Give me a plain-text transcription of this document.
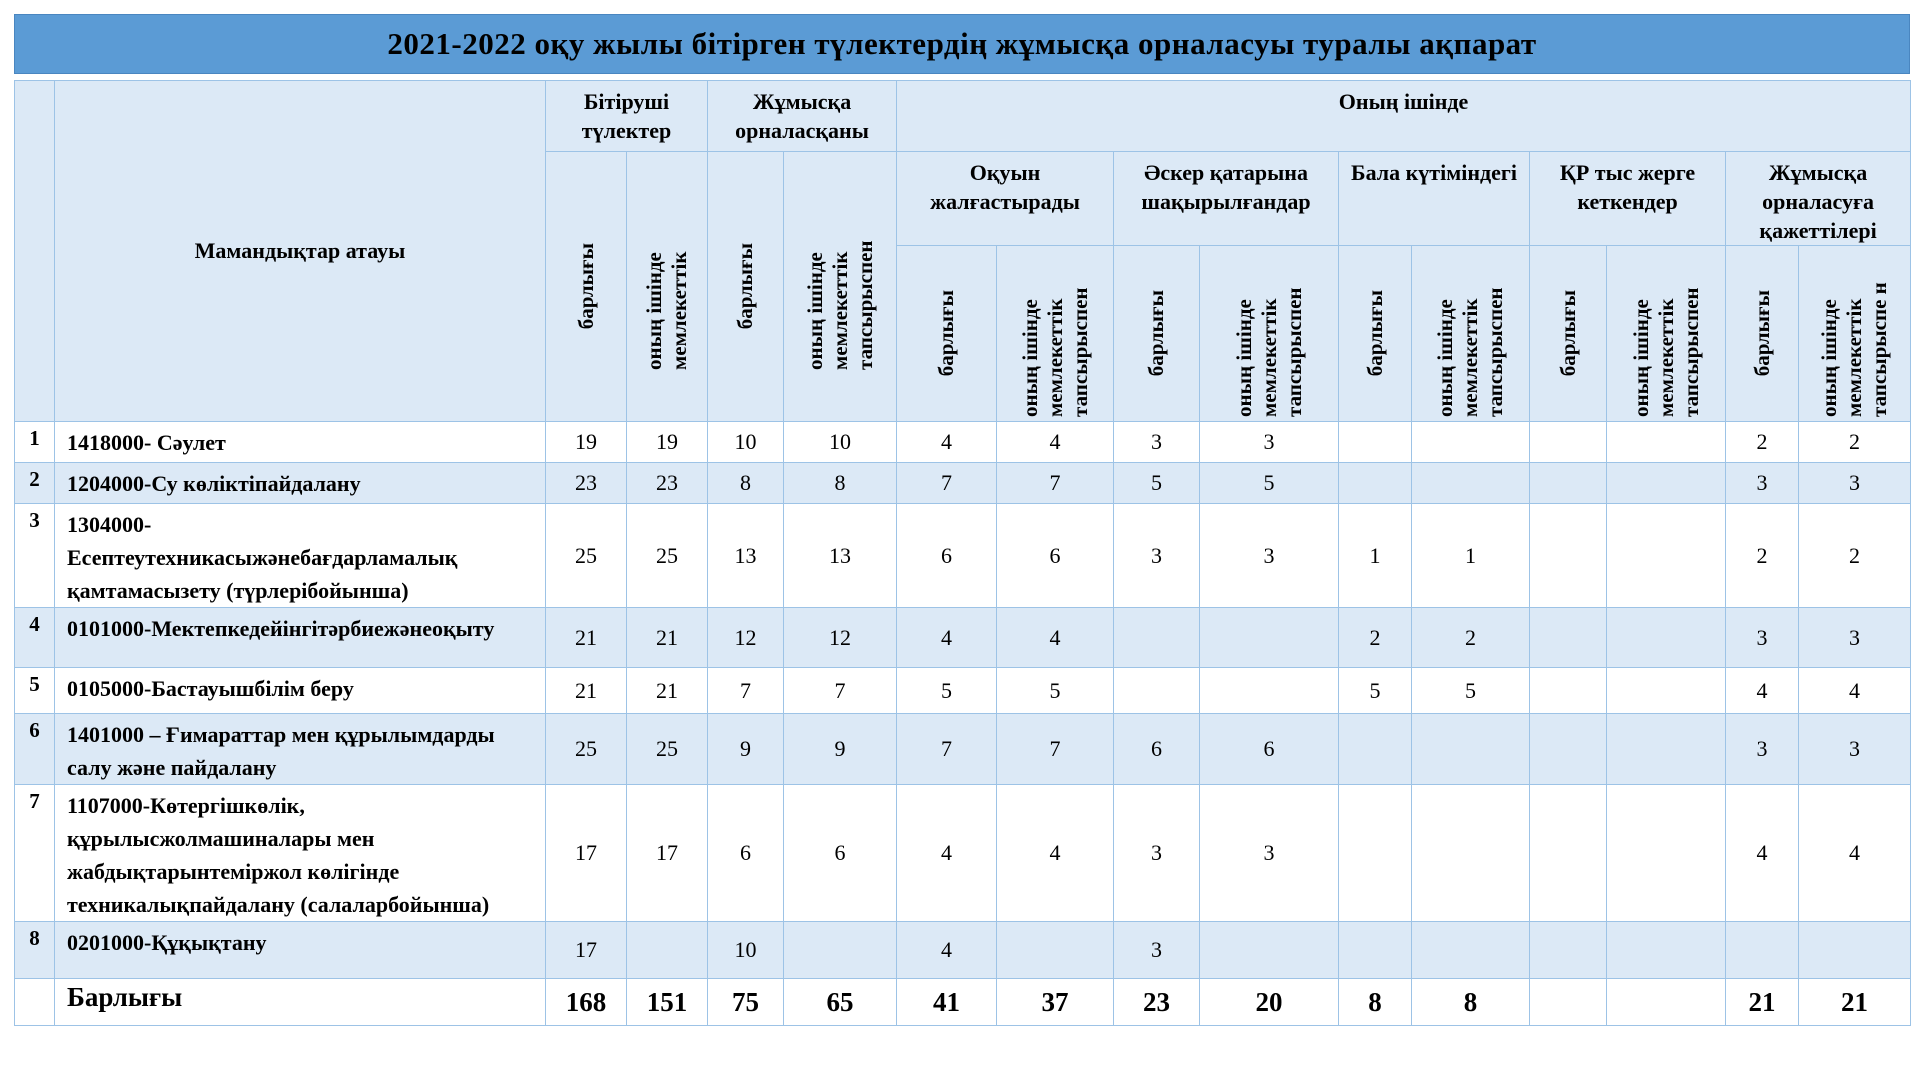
2021-2022 оқу жылы бітірген түлектердің жұмысқа орналасуы туралы ақпарат
	Мамандықтар атауы	Бітіруші түлектер		Жұмысқа орналасқаны		Оның ішінде									

		барлығы	оның ішінде мемлекеттік	барлығы	оның ішінде мемлекеттік тапсырыспен	Оқуын жалғастырады		Әскер қатарына шақырылғандар		Бала күтіміндегі		ҚР тыс жерге кеткендер		Жұмысқа орналасуға қажеттілері	

						барлығы	оның ішінде мемлекеттік тапсырыспен	барлығы	оның ішінде мемлекеттік тапсырыспен	барлығы	оның ішінде мемлекеттік тапсырыспен	барлығы	оның ішінде мемлекеттік тапсырыспен	барлығы	оның ішінде мемлекеттік тапсырыспе н

1	1418000- Сәулет	19	19	10	10	4	4	3	3					2	2
2	1204000-Су көліктіпайдалану	23	23	8	8	7	7	5	5					3	3
3	1304000-Есептеутехникасыжәнебағдарламалық қамтамасызету (түрлерібойынша)	25	25	13	13	6	6	3	3	1	1			2	2
4	0101000-Мектепкедейінгітәрбиежәнеоқыту	21	21	12	12	4	4			2	2			3	3
5	0105000-Бастауышбілім беру	21	21	7	7	5	5			5	5			4	4
6	1401000 – Ғимараттар мен құрылымдарды салу және пайдалану	25	25	9	9	7	7	6	6					3	3
7	1107000-Көтергішкөлік, құрылысжолмашиналары мен жабдықтарынтеміржол көлігінде техникалықпайдалану (салаларбойынша)	17	17	6	6	4	4	3	3					4	4
8	0201000-Құқықтану	17		10		4		3							
	Барлығы	168	151	75	65	41	37	23	20	8	8			21	21
